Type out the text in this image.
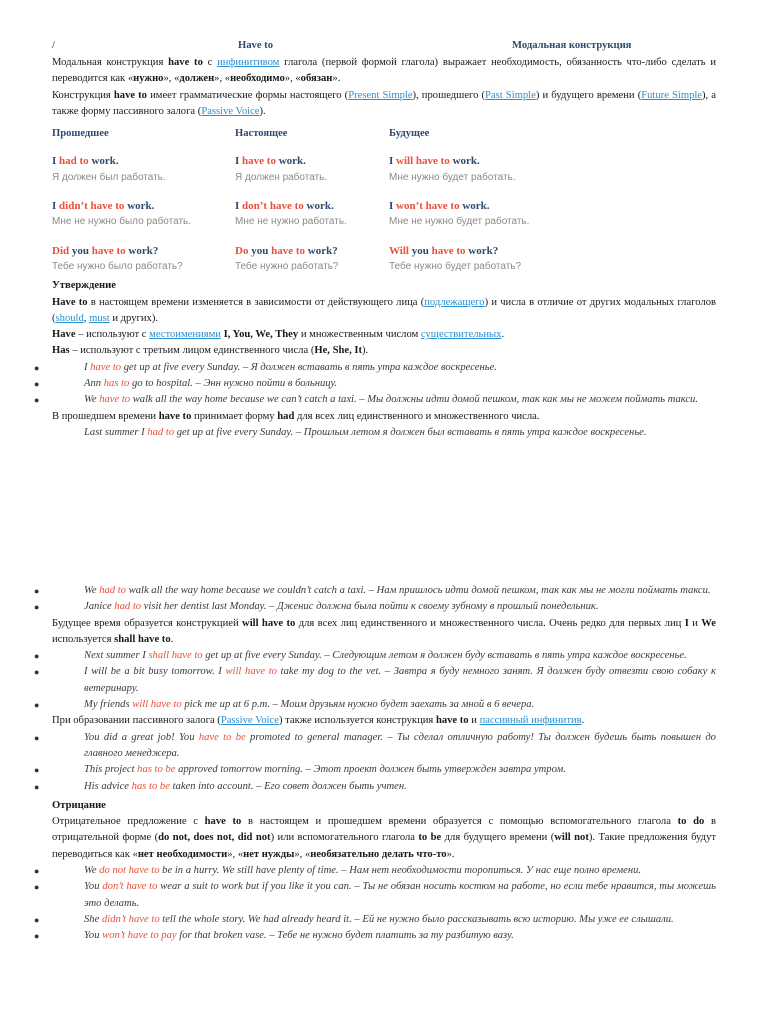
/	Have to	Модальная конструкция

Модальная конструкция have to с инфинитивом глагола (первой формой глагола) выражает необходимость, обязанность что-либо сделать и переводится как «нужно», «должен», «необходимо», «обязан».

Конструкция have to имеет грамматические формы настоящего (Present Simple), прошедшего (Past Simple) и будущего времени (Future Simple), а также форму пассивного залога (Passive Voice).

Прошедшее	Настоящее	Будущее
I had to work.	I have to work.	I will have to work.
Я должен был работать.	Я должен работать.	Мне нужно будет работать.
I didn’t have to work.	I don’t have to work.	I won’t have to work.
Мне не нужно было работать.	Мне не нужно работать.	Мне не нужно будет работать.
Did you have to work?	Do you have to work?	Will you have to work?
Тебе нужно было работать?	Тебе нужно работать?	Тебе нужно будет работать?
Утверждение

Have to в настоящем времени изменяется в зависимости от действующего лица (подлежащего) и числа в отличие от других модальных глаголов (should, must и других).

Have – используют с местоимениями I, You, We, They и множественным числом существительных.

Has – используют с третьим лицом единственного числа (He, She, It).

●	I have to get up at five every Sunday. – Я должен вставать в пять утра каждое воскресенье.
●	Ann has to go to hospital. – Энн нужно пойти в больницу.
●	We have to walk all the way home because we can’t catch a taxi. – Мы должны идти домой пешком, так как мы не можем поймать такси.

В прошедшем времени have to принимает форму had для всех лиц единственного и множественного числа.

Last summer I had to get up at five every Sunday. – Прошлым летом я должен был вставать в пять утра каждое воскресенье.

●	We had to walk all the way home because we couldn’t catch a taxi. – Нам пришлось идти домой пешком, так как мы не могли поймать такси.
●	Janice had to visit her dentist last Monday. – Дженис должна была пойти к своему зубному в прошлый понедельник.

Будущее время образуется конструкцией will have to для всех лиц единственного и множественного числа. Очень редко для первых лиц I и We используется shall have to.

●	Next summer I shall have to get up at five every Sunday. – Следующим летом я должен буду вставать в пять утра каждое воскресенье.
●	I will be a bit busy tomorrow. I will have to take my dog to the vet. – Завтра я буду немного занят. Я должен буду отвезти свою собаку к ветеринару.
●	My friends will have to pick me up at 6 p.m. – Моим друзьям нужно будет заехать за мной в 6 вечера.

При образовании пассивного залога (Passive Voice) также используется конструкция have to и пассивный инфинитив.

●	You did a great job! You have to be promoted to general manager. – Ты сделал отличную работу! Ты должен будешь быть повышен до главного менеджера.
●	This project has to be approved tomorrow morning. – Этот проект должен быть утвержден завтра утром.
●	His advice has to be taken into account. – Его совет должен быть учтен.
Отрицание

Отрицательное предложение с have to в настоящем и прошедшем времени образуется с помощью вспомогательного глагола to do в отрицательной форме (do not, does not, did not) или вспомогательного глагола to be для будущего времени (will not). Такие предложения будут переводиться как «нет необходимости», «нет нужды», «необязательно делать что-то».

●	We do not have to be in a hurry. We still have plenty of time. – Нам нет необходимости торопиться. У нас еще полно времени.
●	You don’t have to wear a suit to work but if you like it you can. – Ты не обязан носить костюм на работе, но если тебе нравится, ты можешь это делать.
●	She didn’t have to tell the whole story. We had already heard it. – Ей не нужно было рассказывать всю историю. Мы уже ее слышали.
●	You won’t have to pay for that broken vase. – Тебе не нужно будет платить за ту разбитую вазу.
